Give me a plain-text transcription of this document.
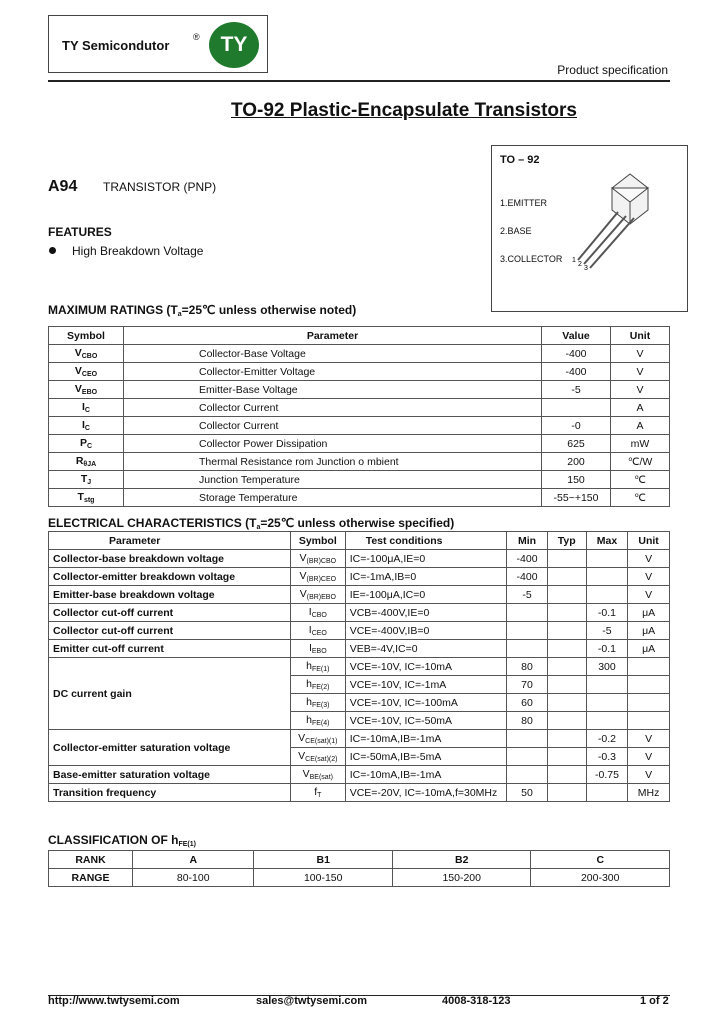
TY Semicondutor
® TY
Product specification
TO-92 Plastic-Encapsulate Transistors
A94 TRANSISTOR (PNP)
FEATURES
High Breakdown Voltage
TO – 92
1.EMITTER
2.BASE
3.COLLECTOR 1
2
3
MAXIMUM RATINGS ($T_a=25℃$ unless otherwise noted)
Symbol	Parameter	Value	Unit
$V_{CBO}$	Collector-Base Voltage	-400	V
$V_{CEO}$	Collector-Emitter Voltage	-400	V
$V_{EBO}$	Emitter-Base Voltage	-5	V
$I_C$	Collector Current		A
$I_C$	Collector Current	-0	A
$P_C$	Collector Power Dissipation	625	mW
$R_{\theta JA}$	Thermal Resistance rom Junction o mbient	200	℃/W
$T_J$	Junction Temperature	150	℃
$T_{stg}$	Storage Temperature	-55~+150	℃
ELECTRICAL CHARACTERISTICS ($T_a=25℃$ unless otherwise specified)
Parameter	Symbol	Test conditions	Min	Typ	Max	Unit
Collector-base breakdown voltage	$V_{(BR)CBO}$	IC=-100μA,IE=0	-400			V
Collector-emitter breakdown voltage	$V_{(BR)CEO}$	IC=-1mA,IB=0	-400			V
Emitter-base breakdown voltage	$V_{(BR)EBO}$	IE=-100μA,IC=0	-5			V
Collector cut-off current	$I_{CBO}$	VCB=-400V,IE=0			-0.1	μA
Collector cut-off current	$I_{CEO}$	VCE=-400V,IB=0			-5	μA
Emitter cut-off current	$I_{EBO}$	VEB=-4V,IC=0			-0.1	μA
DC current gain	$h_{FE(1)}$	VCE=-10V, IC=-10mA	80		300	
	$h_{FE(2)}$	VCE=-10V, IC=-1mA	70			
	$h_{FE(3)}$	VCE=-10V, IC=-100mA	60			
	$h_{FE(4)}$	VCE=-10V, IC=-50mA	80			
Collector-emitter saturation voltage	$V_{CE(sat)(1)}$	IC=-10mA,IB=-1mA			-0.2	V
	$V_{CE(sat)(2)}$	IC=-50mA,IB=-5mA			-0.3	V
Base-emitter saturation voltage	$V_{BE(sat)}$	IC=-10mA,IB=-1mA			-0.75	V
Transition frequency	$f_T$	VCE=-20V, IC=-10mA,f=30MHz	50			MHz
CLASSIFICATION OF $h_{FE(1)}$
RANK	A	B1	B2	C
RANGE	80-100	100-150	150-200	200-300
http://www.twtysemi.com	sales@twtysemi.com	4008-318-123	1 of 2
